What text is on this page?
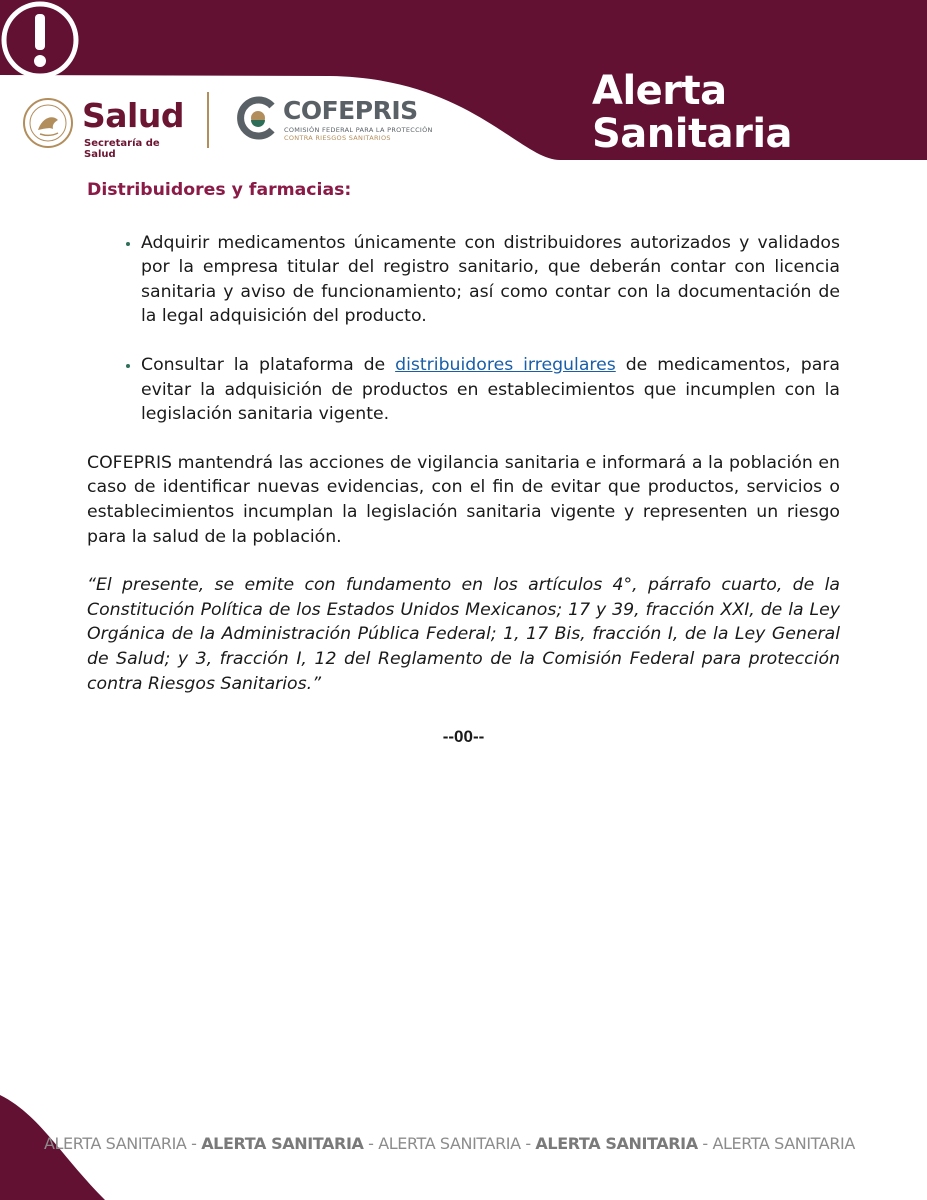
Salud
Secretaría de Salud
COFEPRIS
COMISIÓN FEDERAL PARA LA PROTECCIÓN
CONTRA RIESGOS SANITARIOS
Alerta
Sanitaria

Distribuidores y farmacias:

• Adquirir medicamentos únicamente con distribuidores autorizados y validados por la empresa titular del registro sanitario, que deberán contar con licencia sanitaria y aviso de funcionamiento; así como contar con la documentación de la legal adquisición del producto.
• Consultar la plataforma de distribuidores irregulares de medicamentos, para evitar la adquisición de productos en establecimientos que incumplen con la legislación sanitaria vigente.

COFEPRIS mantendrá las acciones de vigilancia sanitaria e informará a la población en caso de identificar nuevas evidencias, con el fin de evitar que productos, servicios o establecimientos incumplan la legislación sanitaria vigente y representen un riesgo para la salud de la población.

“El presente, se emite con fundamento en los artículos 4°, párrafo cuarto, de la Constitución Política de los Estados Unidos Mexicanos; 17 y 39, fracción XXI, de la Ley Orgánica de la Administración Pública Federal; 1, 17 Bis, fracción I, de la Ley General de Salud; y 3, fracción I, 12 del Reglamento de la Comisión Federal para protección contra Riesgos Sanitarios.”

--00--
ALERTA SANITARIA - ALERTA SANITARIA - ALERTA SANITARIA - ALERTA SANITARIA - ALERTA SANITARIA
